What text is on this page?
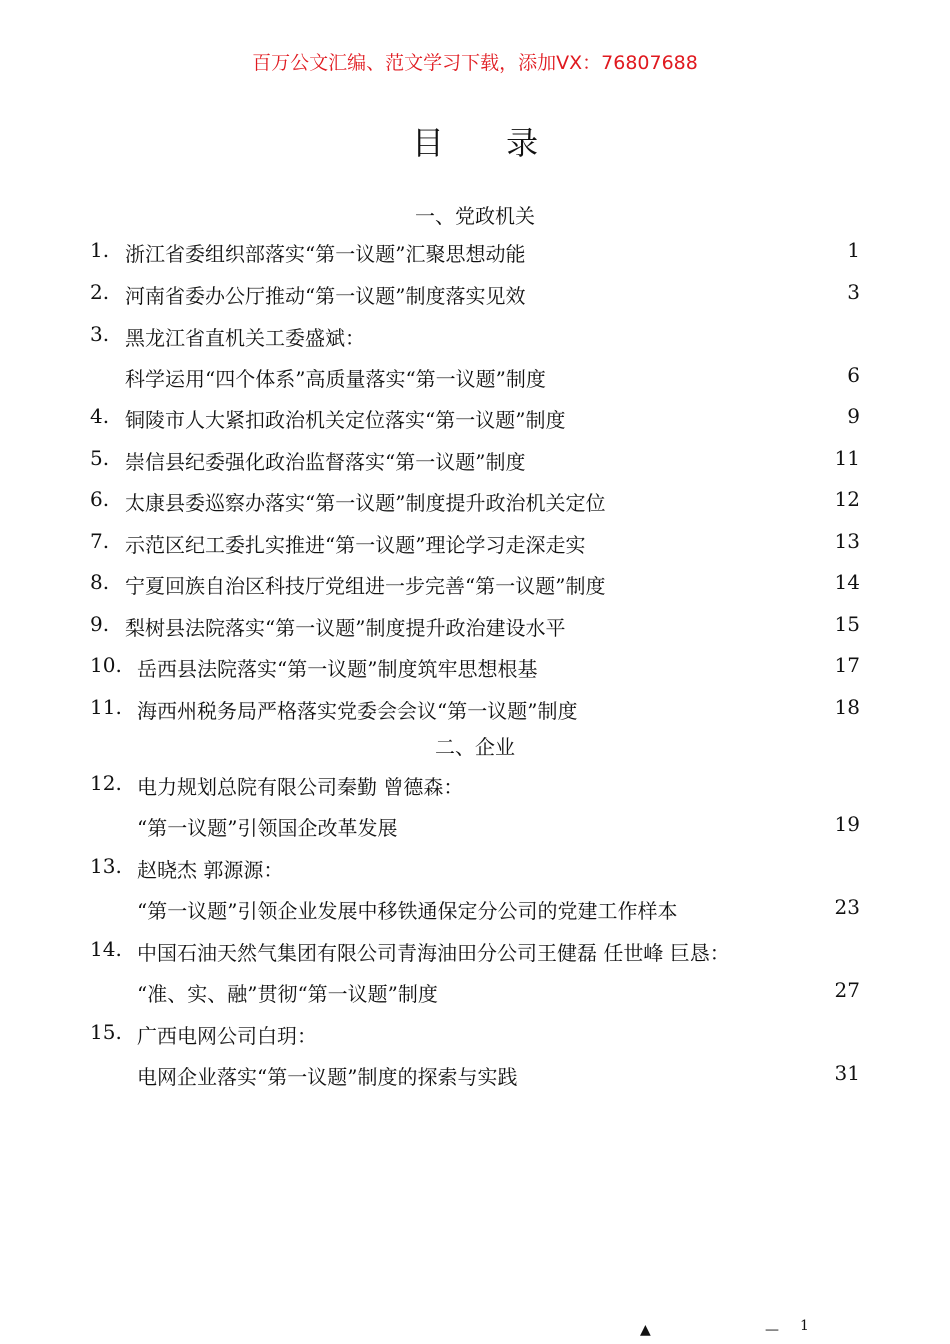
百万公文汇编、范文学习下载，添加VX：76807688
目 录
一、党政机关
1. 浙江省委组织部落实“第一议题”汇聚思想动能	1
2. 河南省委办公厅推动“第一议题”制度落实见效	3
3. 黑龙江省直机关工委盛斌：
科学运用“四个体系”高质量落实“第一议题”制度	6
4. 铜陵市人大紧扣政治机关定位落实“第一议题”制度	9
5. 崇信县纪委强化政治监督落实“第一议题”制度	11
6. 太康县委巡察办落实“第一议题”制度提升政治机关定位	12
7. 示范区纪工委扎实推进“第一议题”理论学习走深走实	13
8. 宁夏回族自治区科技厅党组进一步完善“第一议题”制度	14
9. 梨树县法院落实“第一议题”制度提升政治建设水平	15
10. 岳西县法院落实“第一议题”制度筑牢思想根基	17
11. 海西州税务局严格落实党委会会议“第一议题”制度	18
二、企业
12. 电力规划总院有限公司秦勤 曾德森：
“第一议题”引领国企改革发展	19
13. 赵晓杰 郭源源：
“第一议题”引领企业发展中移铁通保定分公司的党建工作样本	23
14. 中国石油天然气集团有限公司青海油田分公司王健磊 任世峰 巨恳：
“准、实、融”贯彻“第一议题”制度	27
15. 广西电网公司白玥：
电网企业落实“第一议题”制度的探索与实践	31
▲	— 1
